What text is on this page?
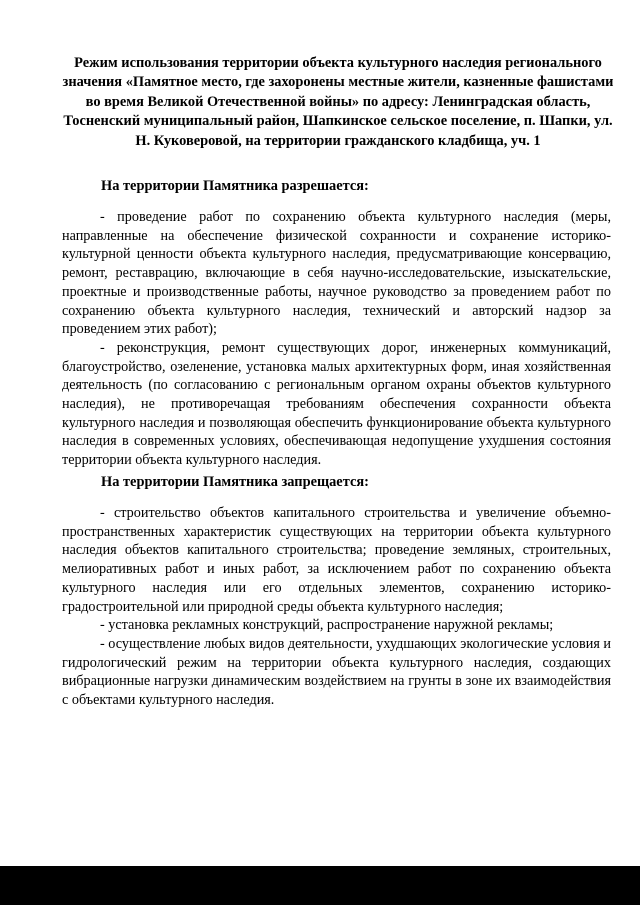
Режим использования территории объекта культурного наследия регионального значения «Памятное место, где захоронены местные жители, казненные фашистами во время Великой Отечественной войны» по адресу: Ленинградская область, Тосненский муниципальный район, Шапкинское сельское поселение, п. Шапки, ул. Н. Куковеровой, на территории гражданского кладбища, уч. 1
На территории Памятника разрешается:

- проведение работ по сохранению объекта культурного наследия (меры, направленные на обеспечение физической сохранности и сохранение историко-культурной ценности объекта культурного наследия, предусматривающие консервацию, ремонт, реставрацию, включающие в себя научно-исследовательские, изыскательские, проектные и производственные работы, научное руководство за проведением работ по сохранению объекта культурного наследия, технический и авторский надзор за проведением этих работ);

- реконструкция, ремонт существующих дорог, инженерных коммуникаций, благоустройство, озеленение, установка малых архитектурных форм, иная хозяйственная деятельность (по согласованию с региональным органом охраны объектов культурного наследия), не противоречащая требованиям обеспечения сохранности объекта культурного наследия и позволяющая обеспечить функционирование объекта культурного наследия в современных условиях, обеспечивающая недопущение ухудшения состояния территории объекта культурного наследия.

На территории Памятника запрещается:

- строительство объектов капитального строительства и увеличение объемно-пространственных характеристик существующих на территории объекта культурного наследия объектов капитального строительства; проведение земляных, строительных, мелиоративных работ и иных работ, за исключением работ по сохранению объекта культурного наследия или его отдельных элементов, сохранению историко-градостроительной или природной среды объекта культурного наследия;

- установка рекламных конструкций, распространение наружной рекламы;

- осуществление любых видов деятельности, ухудшающих экологические условия и гидрологический режим на территории объекта культурного наследия, создающих вибрационные нагрузки динамическим воздействием на грунты в зоне их взаимодействия с объектами культурного наследия.
